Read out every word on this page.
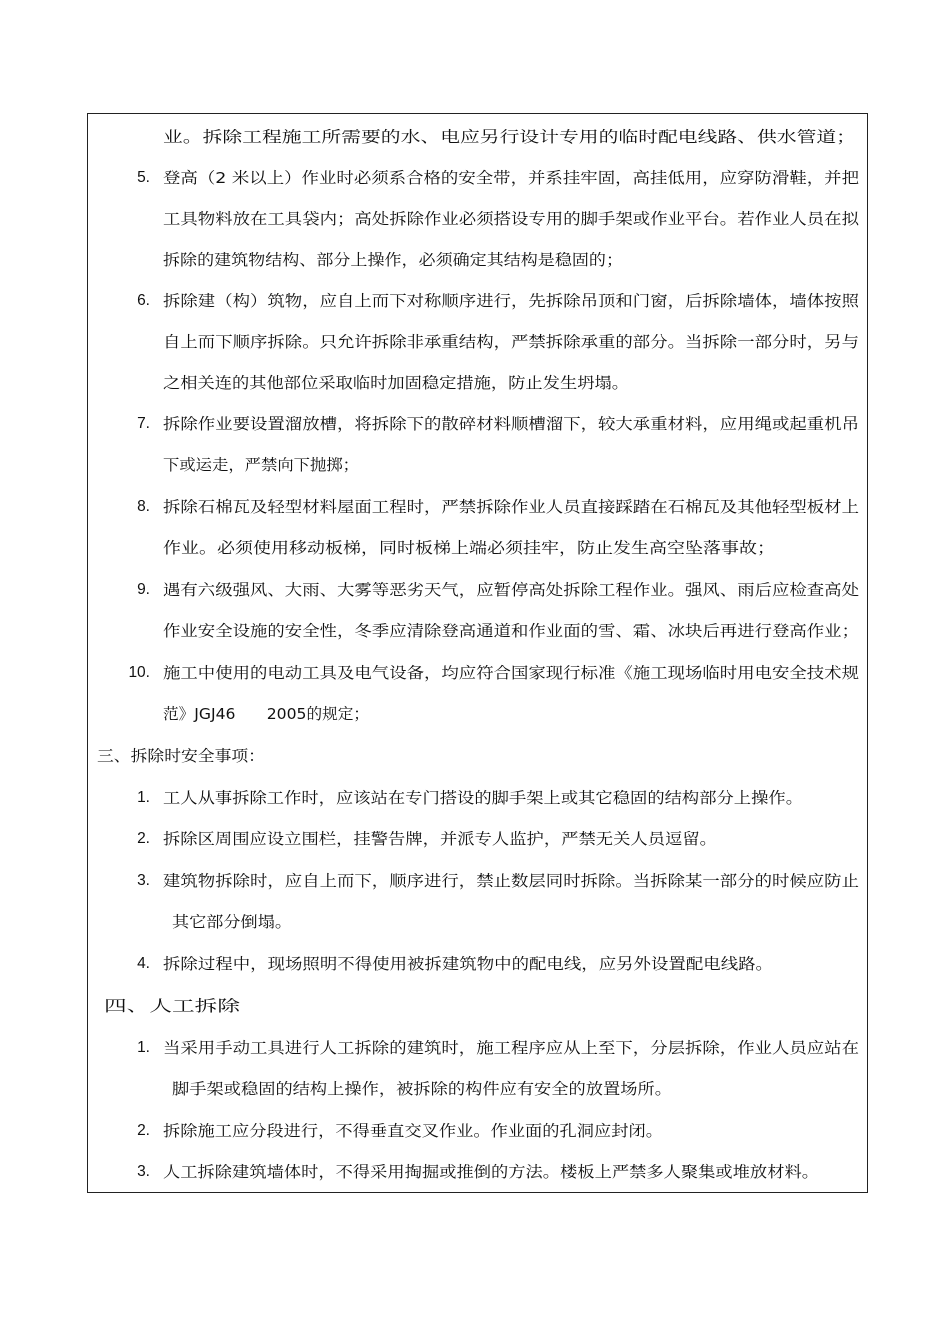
业。拆除工程施工所需要的水、电应另行设计专用的临时配电线路、供水管道；
5. 登高（2 米以上）作业时必须系合格的安全带，并系挂牢固，高挂低用，应穿防滑鞋，并把
工具物料放在工具袋内；高处拆除作业必须搭设专用的脚手架或作业平台。若作业人员在拟
拆除的建筑物结构、部分上操作，必须确定其结构是稳固的；
6. 拆除建（构）筑物，应自上而下对称顺序进行，先拆除吊顶和门窗，后拆除墙体，墙体按照
自上而下顺序拆除。只允许拆除非承重结构，严禁拆除承重的部分。当拆除一部分时，另与
之相关连的其他部位采取临时加固稳定措施，防止发生坍塌。
7. 拆除作业要设置溜放槽，将拆除下的散碎材料顺槽溜下，较大承重材料，应用绳或起重机吊
下或运走，严禁向下抛掷；
8. 拆除石棉瓦及轻型材料屋面工程时，严禁拆除作业人员直接踩踏在石棉瓦及其他轻型板材上
作业。必须使用移动板梯，同时板梯上端必须挂牢，防止发生高空坠落事故；
9. 遇有六级强风、大雨、大雾等恶劣天气，应暂停高处拆除工程作业。强风、雨后应检查高处
作业安全设施的安全性，冬季应清除登高通道和作业面的雪、霜、冰块后再进行登高作业；
10. 施工中使用的电动工具及电气设备，均应符合国家现行标准《施工现场临时用电安全技术规
范》JGJ46　　2005的规定；
三、拆除时安全事项：
1. 工人从事拆除工作时，应该站在专门搭设的脚手架上或其它稳固的结构部分上操作。
2. 拆除区周围应设立围栏，挂警告牌，并派专人监护，严禁无关人员逗留。
3. 建筑物拆除时，应自上而下，顺序进行，禁止数层同时拆除。当拆除某一部分的时候应防止
其它部分倒塌。
4. 拆除过程中，现场照明不得使用被拆建筑物中的配电线，应另外设置配电线路。
四、人工拆除
1. 当采用手动工具进行人工拆除的建筑时，施工程序应从上至下，分层拆除，作业人员应站在
脚手架或稳固的结构上操作，被拆除的构件应有安全的放置场所。
2. 拆除施工应分段进行，不得垂直交叉作业。作业面的孔洞应封闭。
3. 人工拆除建筑墙体时，不得采用掏掘或推倒的方法。楼板上严禁多人聚集或堆放材料。
